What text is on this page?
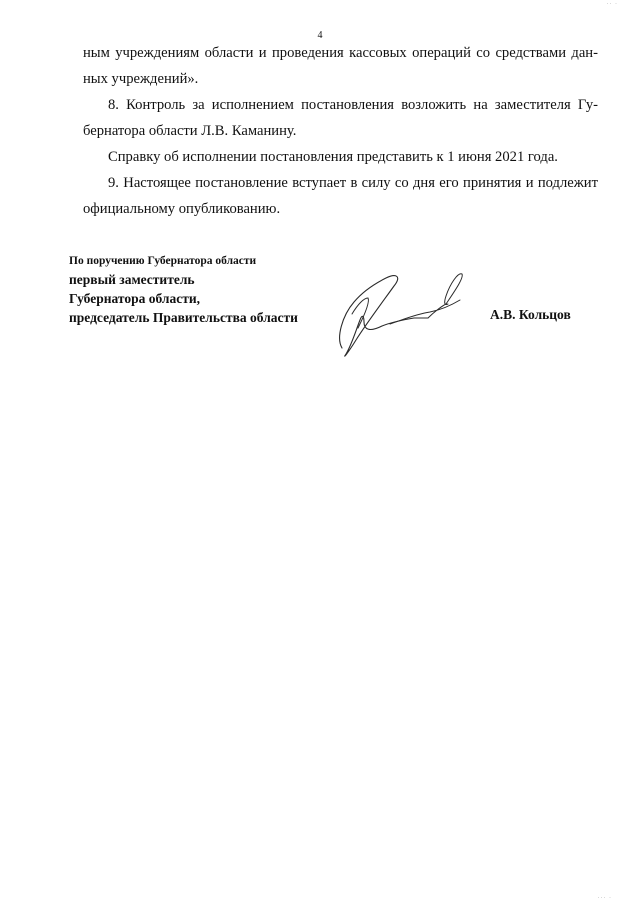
·· ·
4

ным учреждениям области и проведения кассовых операций со средствами данных учреждений».

8. Контроль за исполнением постановления возложить на заместителя Губернатора области Л.В. Каманину.

Справку об исполнении постановления представить к 1 июня 2021 года.

9. Настоящее постановление вступает в силу со дня его принятия и подлежит официальному опубликованию.

По поручению Губернатора области
первый заместитель
Губернатора области,
председатель Правительства области	А.В. Кольцов
··· ·
